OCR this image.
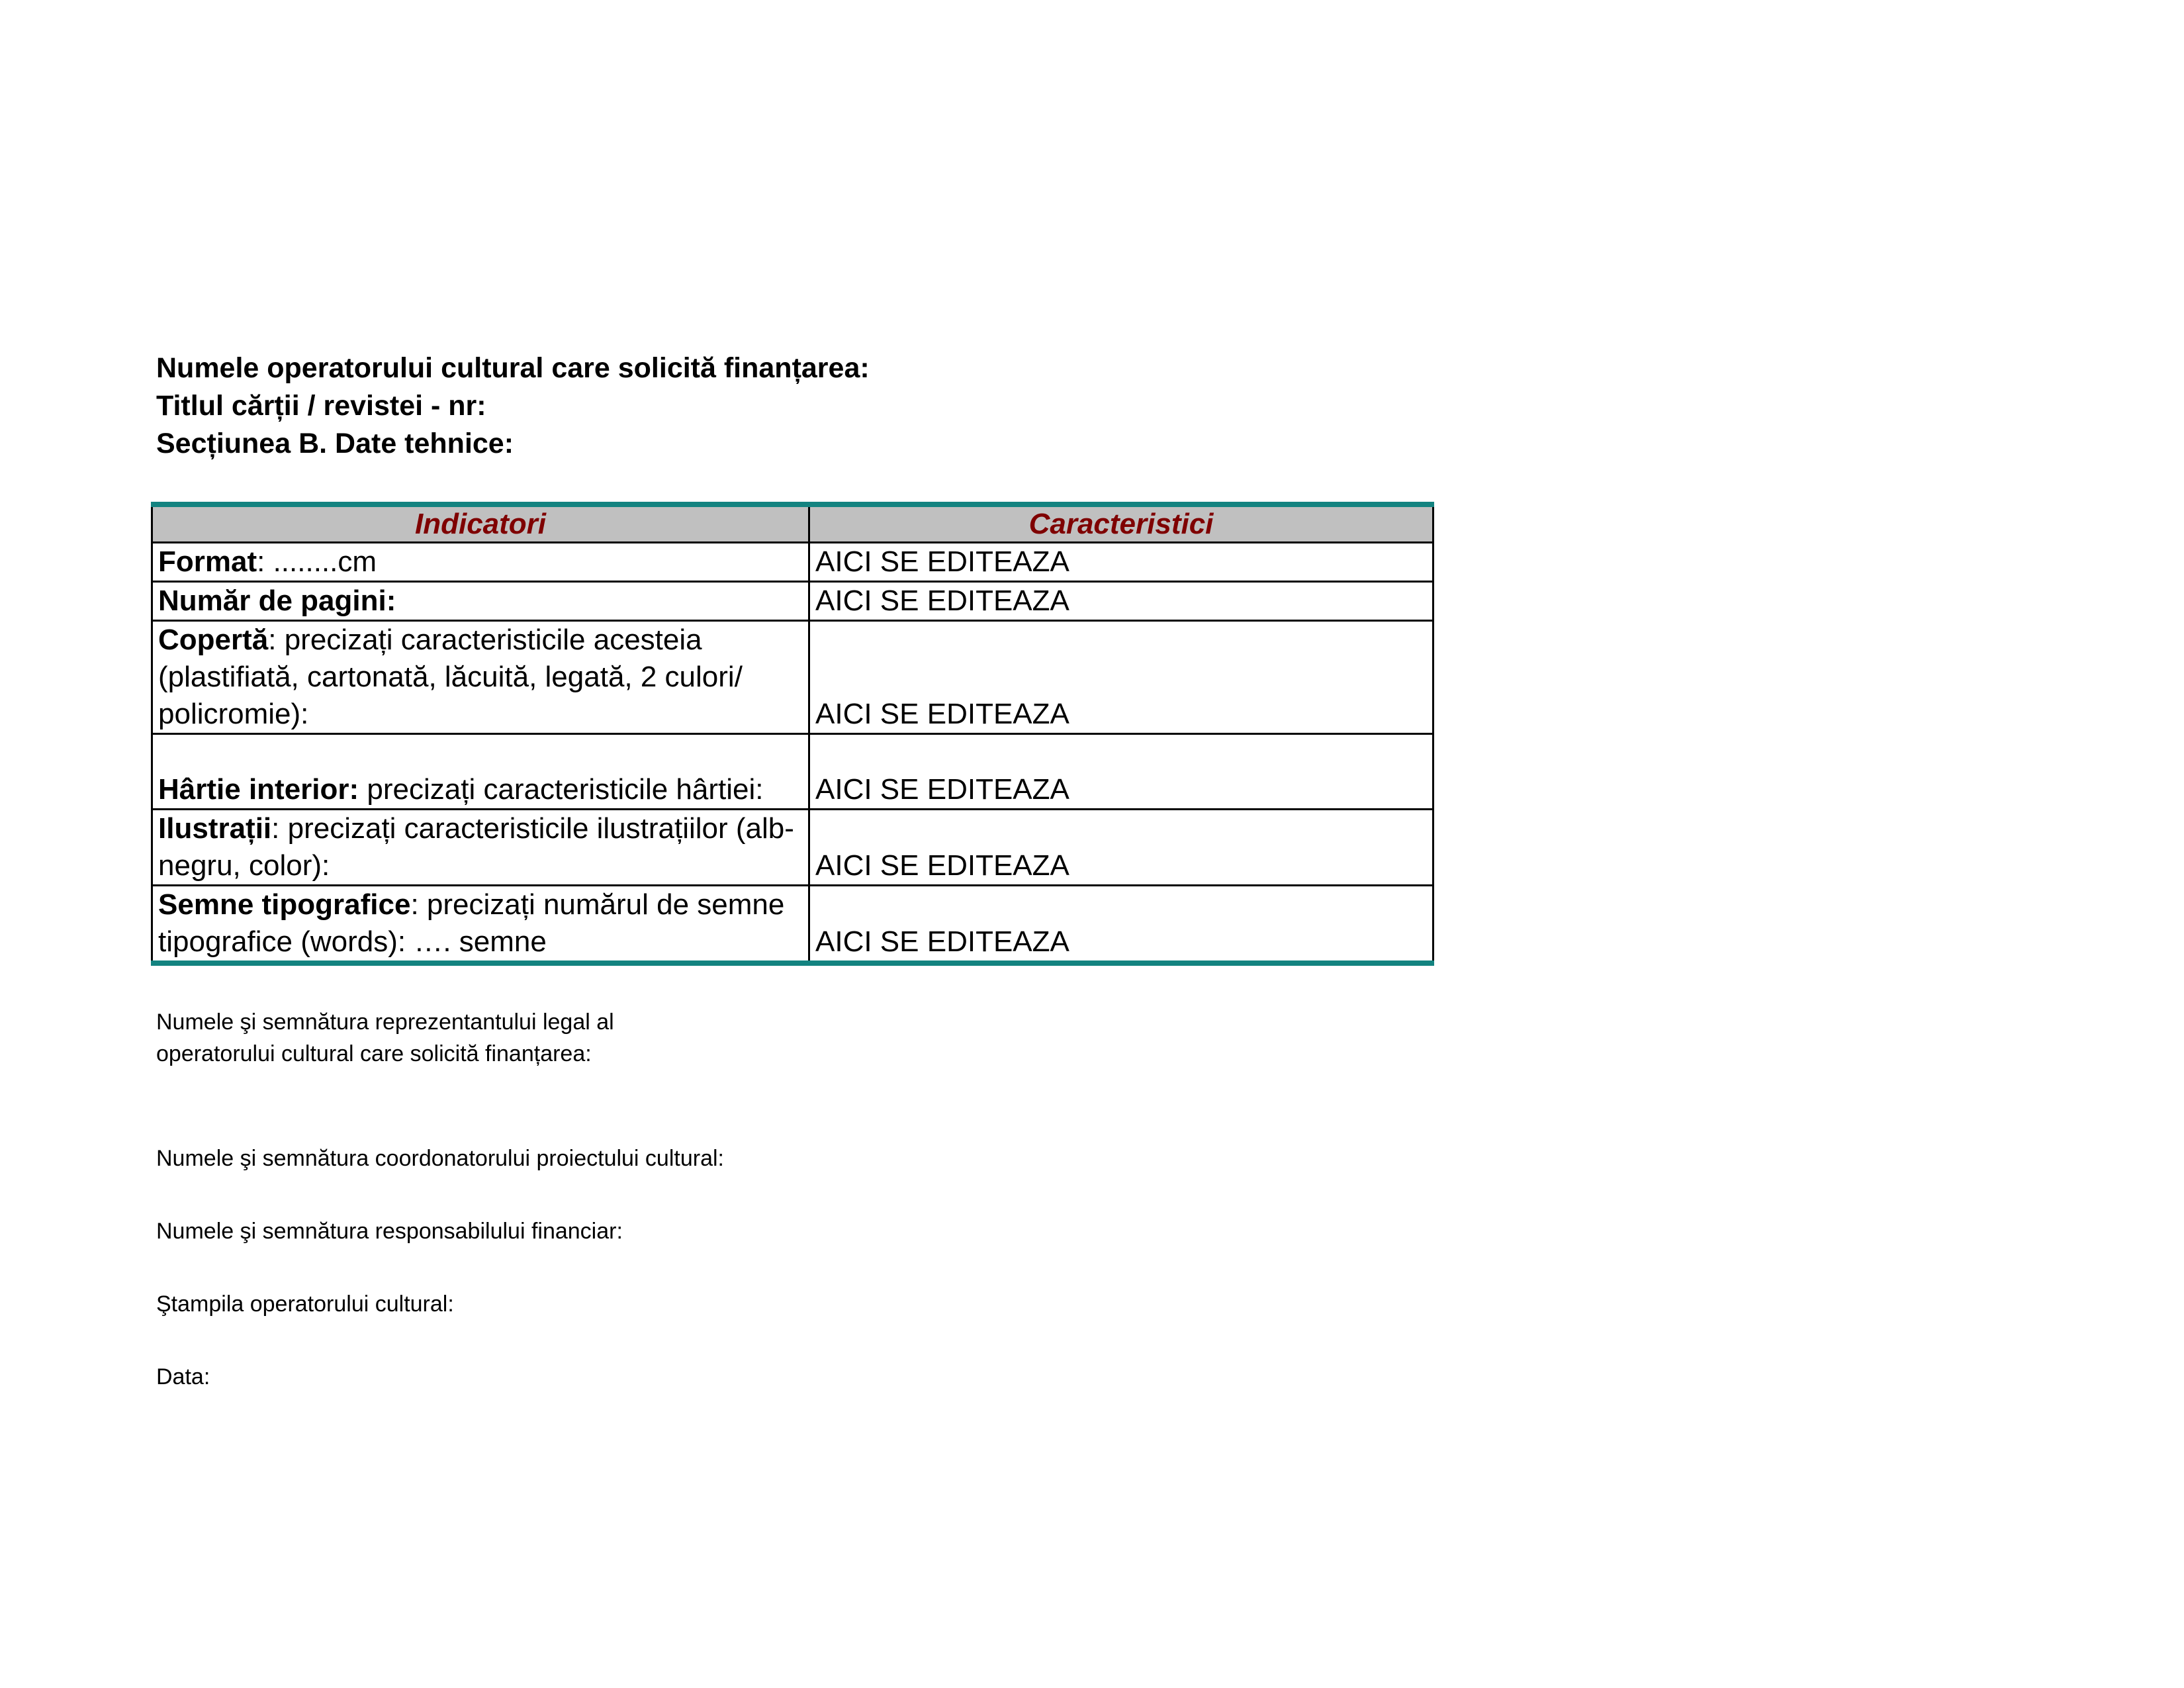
Numele operatorului cultural care solicită finanțarea:
Titlul cărții / revistei - nr:
Secțiunea B. Date tehnice:
Indicatori	Caracteristici
Format: ........cm	AICI SE EDITEAZA
Număr de pagini:	AICI SE EDITEAZA
Copertă: precizați caracteristicile acesteia (plastifiată, cartonată, lăcuită, legată, 2 culori/ policromie):	AICI SE EDITEAZA
Hârtie interior: precizați caracteristicile hârtiei:	AICI SE EDITEAZA
Ilustrații: precizați caracteristicile ilustrațiilor (alb-negru, color):	AICI SE EDITEAZA
Semne tipografice: precizați numărul de semne tipografice (words): …. semne	AICI SE EDITEAZA
Numele şi semnătura reprezentantului legal al
operatorului cultural care solicită finanțarea:
Numele şi semnătura coordonatorului proiectului cultural:
Numele şi semnătura responsabilului financiar:
Ştampila operatorului cultural:
Data:
